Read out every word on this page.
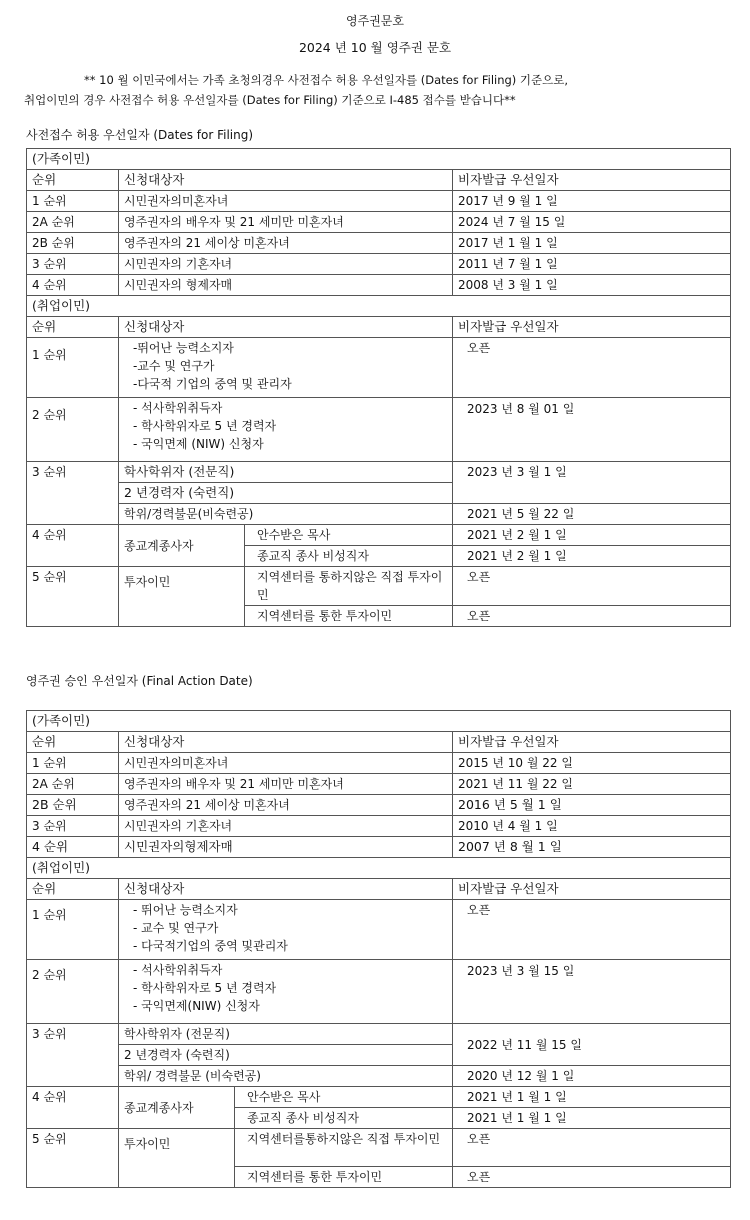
영주권문호
2024 년 10 월 영주권 문호
** 10 월 이민국에서는 가족 초청의경우 사전접수 허용 우선일자를 (Dates for Filing) 기준으로,
취업이민의 경우 사전접수 허용 우선일자를 (Dates for Filing) 기준으로 I-485 접수를 받습니다**
사전접수 허용 우선일자 (Dates for Filing)
(가족이민)			
순위	신청대상자		비자발급 우선일자
1 순위	시민권자의미혼자녀		2017 년 9 월 1 일
2A 순위	영주권자의 배우자 및 21 세미만 미혼자녀		2024 년 7 월 15 일
2B 순위	영주권자의 21 세이상 미혼자녀		2017 년 1 월 1 일
3 순위	시민권자의 기혼자녀		2011 년 7 월 1 일
4 순위	시민권자의 형제자매		2008 년 3 월 1 일
(취업이민)			
순위	신청대상자		비자발급 우선일자
1 순위	-뛰어난 능력소지자
-교수 및 연구가
-다국적 기업의 중역 및 관리자		오픈
2 순위	- 석사학위취득자
- 학사학위자로 5 년 경력자
- 국익면제 (NIW) 신청자		2023 년 8 월 01 일
3 순위	학사학위자 (전문직)		2023 년 3 월 1 일
	2 년경력자 (숙련직)		
	학위/경력불문(비숙련공)		2021 년 5 월 22 일
4 순위	종교계종사자	안수받은 목사	2021 년 2 월 1 일
		종교직 종사 비성직자	2021 년 2 월 1 일
5 순위	투자이민	지역센터를 통하지않은 직접 투자이민	오픈
		지역센터를 통한 투자이민	오픈
영주권 승인 우선일자 (Final Action Date)
(가족이민)			
순위	신청대상자		비자발급 우선일자
1 순위	시민권자의미혼자녀		2015 년 10 월 22 일
2A 순위	영주권자의 배우자 및 21 세미만 미혼자녀		2021 년 11 월 22 일
2B 순위	영주권자의 21 세이상 미혼자녀		2016 년 5 월 1 일
3 순위	시민권자의 기혼자녀		2010 년 4 월 1 일
4 순위	시민권자의형제자매		2007 년 8 월 1 일
(취업이민)			
순위	신청대상자		비자발급 우선일자
1 순위	- 뛰어난 능력소지자
- 교수 및 연구가
- 다국적기업의 중역 및관리자		오픈
2 순위	- 석사학위취득자
- 학사학위자로 5 년 경력자
- 국익면제(NIW) 신청자		2023 년 3 월 15 일
3 순위	학사학위자 (전문직)		2022 년 11 월 15 일
	2 년경력자 (숙련직)		
	학위/ 경력불문 (비숙련공)		2020 년 12 월 1 일
4 순위	종교계종사자	안수받은 목사	2021 년 1 월 1 일
		종교직 종사 비성직자	2021 년 1 월 1 일
5 순위	투자이민	지역센터를통하지않은 직접 투자이민	오픈
		지역센터를 통한 투자이민	오픈
